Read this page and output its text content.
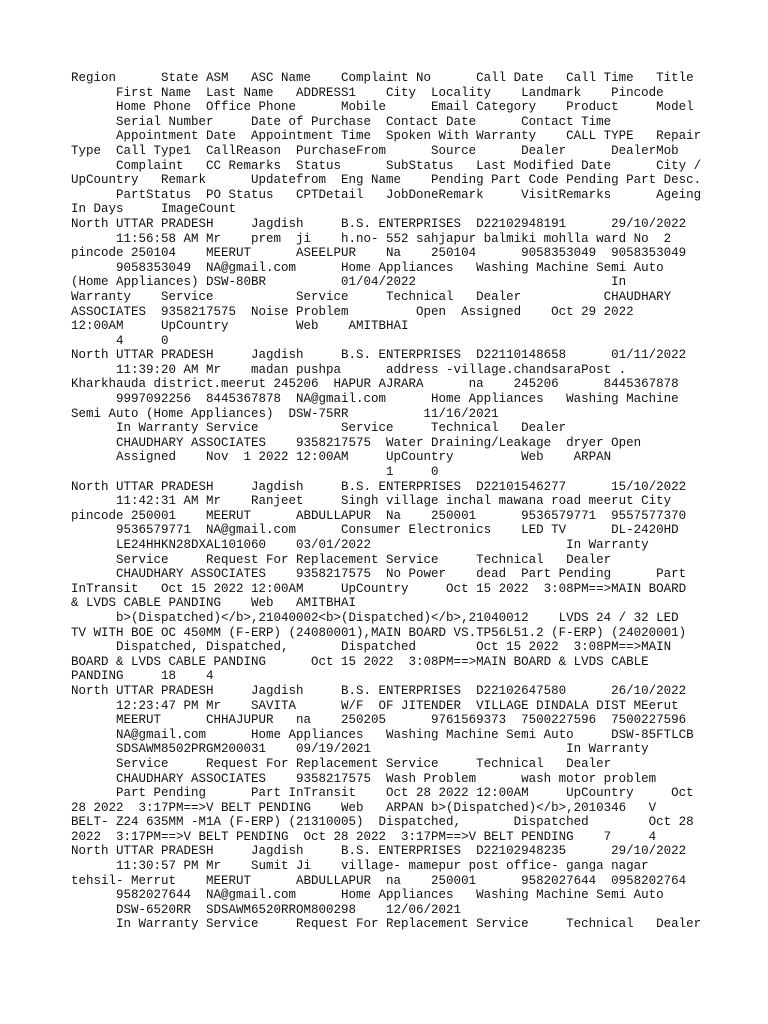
Region      State ASM   ASC Name    Complaint No      Call Date   Call Time   Title
First Name  Last Name   ADDRESS1    City  Locality    Landmark    Pincode
Home Phone  Office Phone      Mobile      Email Category    Product     Model
Serial Number     Date of Purchase  Contact Date      Contact Time
Appointment Date  Appointment Time  Spoken With Warranty    CALL TYPE   Repair
Type  Call Type1  CallReason  PurchaseFrom      Source      Dealer      DealerMob
Complaint   CC Remarks  Status      SubStatus   Last Modified Date      City /
UpCountry   Remark      Updatefrom  Eng Name    Pending Part Code Pending Part Desc.
PartStatus  PO Status   CPTDetail   JobDoneRemark     VisitRemarks      Ageing
In Days     ImageCount
North UTTAR PRADESH     Jagdish     B.S. ENTERPRISES  D22102948191      29/10/2022
11:56:58 AM Mr    prem  ji    h.no- 552 sahjapur balmiki mohlla ward No  2
pincode 250104    MEERUT      ASEELPUR    Na    250104      9058353049  9058353049
9058353049  NA@gmail.com      Home Appliances   Washing Machine Semi Auto
(Home Appliances) DSW-80BR          01/04/2022                          In
Warranty    Service           Service     Technical   Dealer           CHAUDHARY
ASSOCIATES  9358217575  Noise Problem         Open  Assigned    Oct 29 2022
12:00AM     UpCountry         Web    AMITBHAI
4     0
North UTTAR PRADESH     Jagdish     B.S. ENTERPRISES  D22110148658      01/11/2022
11:39:20 AM Mr    madan pushpa      address -village.chandsaraPost .
Kharkhauda district.meerut 245206  HAPUR AJRARA      na    245206      8445367878
9997092256  8445367878  NA@gmail.com      Home Appliances   Washing Machine
Semi Auto (Home Appliances)  DSW-75RR          11/16/2021
In Warranty Service           Service     Technical   Dealer
CHAUDHARY ASSOCIATES    9358217575  Water Draining/Leakage  dryer Open
Assigned    Nov  1 2022 12:00AM     UpCountry         Web    ARPAN
1     0
North UTTAR PRADESH     Jagdish     B.S. ENTERPRISES  D22101546277      15/10/2022
11:42:31 AM Mr    Ranjeet     Singh village inchal mawana road meerut City
pincode 250001    MEERUT      ABDULLAPUR  Na    250001      9536579771  9557577370
9536579771  NA@gmail.com      Consumer Electronics    LED TV      DL-2420HD
LE24HHKN28DXAL101060    03/01/2022                          In Warranty
Service     Request For Replacement Service     Technical   Dealer
CHAUDHARY ASSOCIATES    9358217575  No Power    dead  Part Pending      Part
InTransit   Oct 15 2022 12:00AM     UpCountry     Oct 15 2022  3:08PM==>MAIN BOARD
& LVDS CABLE PANDING    Web   AMITBHAI
b>(Dispatched)</b>,21040002<b>(Dispatched)</b>,21040012    LVDS 24 / 32 LED
TV WITH BOE OC 450MM (F-ERP) (24080001),MAIN BOARD VS.TP56L51.2 (F-ERP) (24020001)
Dispatched, Dispatched,       Dispatched        Oct 15 2022  3:08PM==>MAIN
BOARD & LVDS CABLE PANDING      Oct 15 2022  3:08PM==>MAIN BOARD & LVDS CABLE
PANDING     18    4
North UTTAR PRADESH     Jagdish     B.S. ENTERPRISES  D22102647580      26/10/2022
12:23:47 PM Mr    SAVITA      W/F  OF JITENDER  VILLAGE DINDALA DIST MEerut
MEERUT      CHHAJUPUR   na    250205      9761569373  7500227596  7500227596
NA@gmail.com      Home Appliances   Washing Machine Semi Auto     DSW-85FTLCB
SDSAWM8502PRGM200031    09/19/2021                          In Warranty
Service     Request For Replacement Service     Technical   Dealer
CHAUDHARY ASSOCIATES    9358217575  Wash Problem      wash motor problem
Part Pending      Part InTransit    Oct 28 2022 12:00AM     UpCountry     Oct
28 2022  3:17PM==>V BELT PENDING    Web   ARPAN b>(Dispatched)</b>,2010346   V
BELT- Z24 635MM -M1A (F-ERP) (21310005)  Dispatched,       Dispatched        Oct 28
2022  3:17PM==>V BELT PENDING  Oct 28 2022  3:17PM==>V BELT PENDING    7     4
North UTTAR PRADESH     Jagdish     B.S. ENTERPRISES  D22102948235      29/10/2022
11:30:57 PM Mr    Sumit Ji    village- mamepur post office- ganga nagar
tehsil- Merrut    MEERUT      ABDULLAPUR  na    250001      9582027644  0958202764
9582027644  NA@gmail.com      Home Appliances   Washing Machine Semi Auto
DSW-6520RR  SDSAWM6520RROM800298    12/06/2021
In Warranty Service     Request For Replacement Service     Technical   Dealer
